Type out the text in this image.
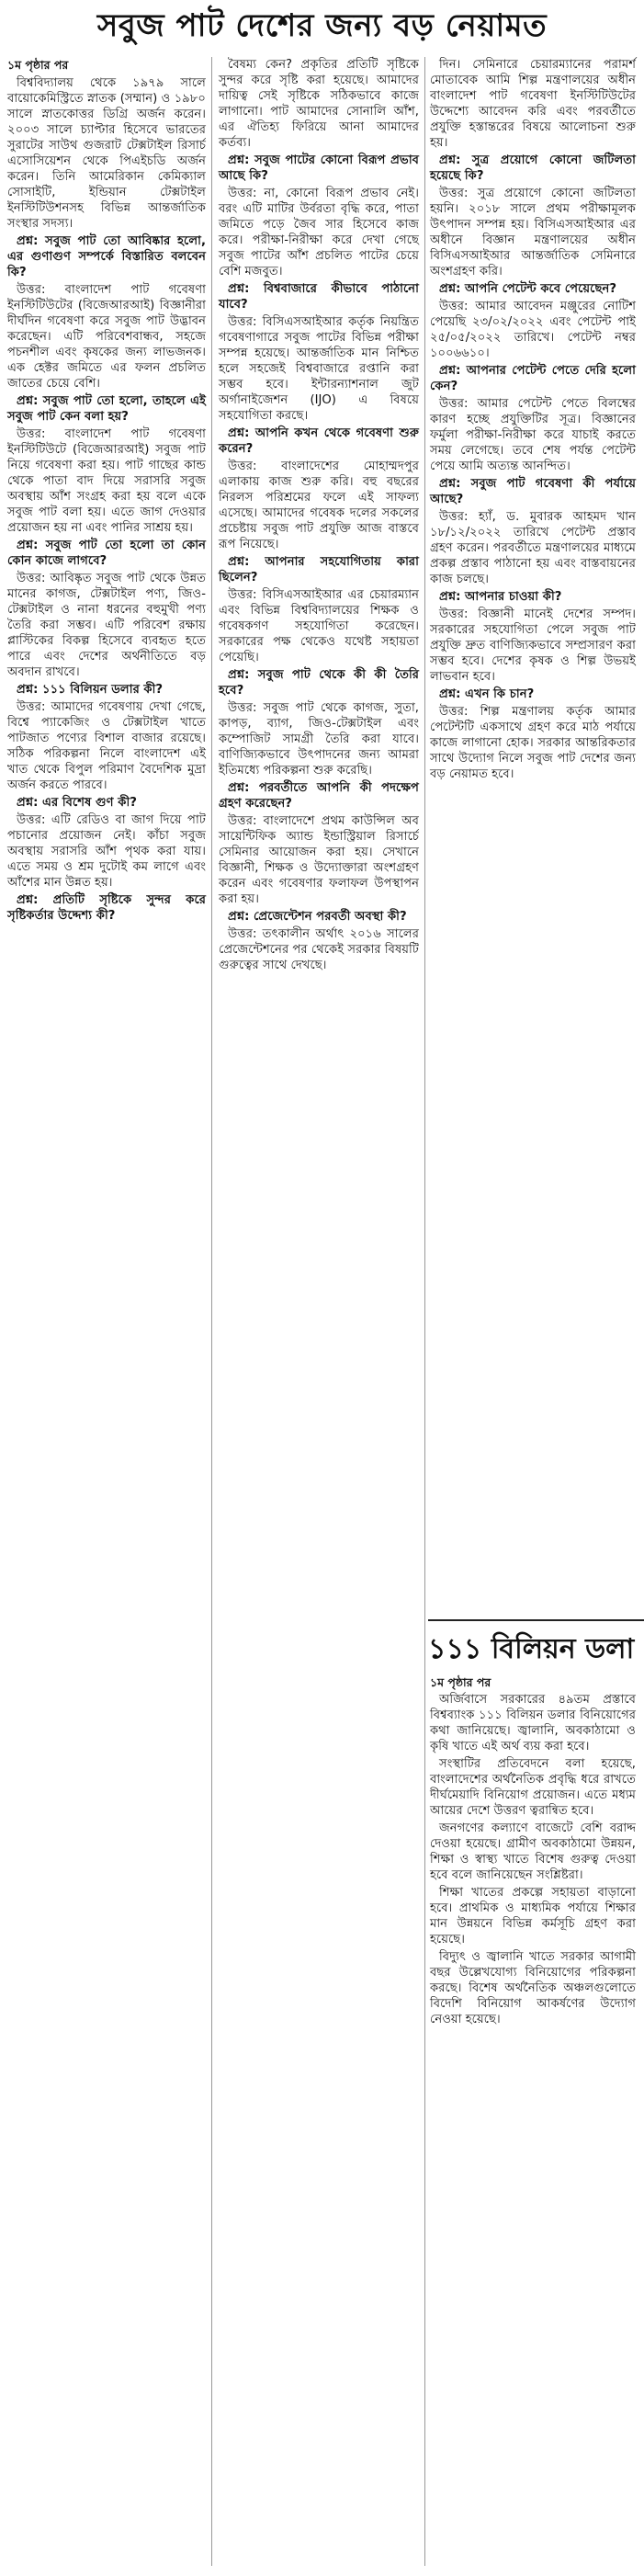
সবুজ পাট দেশের জন্য বড় নেয়ামত

১ম পৃষ্ঠার পর

বিশ্ববিদ্যালয় থেকে ১৯৭৯ সালে বায়োকেমিস্ট্রিতে স্নাতক (সম্মান) ও ১৯৮০ সালে স্নাতকোত্তর ডিগ্রি অর্জন করেন। ২০০৩ সালে চ্যাপ্টার হিসেবে ভারতের সুরাটের সাউথ গুজরাট টেক্সটাইল রিসার্চ এসোসিয়েশন থেকে পিএইচডি অর্জন করেন। তিনি আমেরিকান কেমিক্যাল সোসাইটি, ইন্ডিয়ান টেক্সটাইল ইনস্টিটিউশনসহ বিভিন্ন আন্তর্জাতিক সংস্থার সদস্য।

প্রশ্ন: সবুজ পাট তো আবিষ্কার হলো, এর গুণাগুণ সম্পর্কে বিস্তারিত বলবেন কি?

উত্তর: বাংলাদেশ পাট গবেষণা ইনস্টিটিউটের (বিজেআরআই) বিজ্ঞানীরা দীর্ঘদিন গবেষণা করে সবুজ পাট উদ্ভাবন করেছেন। এটি পরিবেশবান্ধব, সহজে পচনশীল এবং কৃষকের জন্য লাভজনক। এক হেক্টর জমিতে এর ফলন প্রচলিত জাতের চেয়ে বেশি।

প্রশ্ন: সবুজ পাট তো হলো, তাহলে এই সবুজ পাট কেন বলা হয়?

উত্তর: বাংলাদেশ পাট গবেষণা ইনস্টিটিউটে (বিজেআরআই) সবুজ পাট নিয়ে গবেষণা করা হয়। পাট গাছের কান্ড থেকে পাতা বাদ দিয়ে সরাসরি সবুজ অবস্থায় আঁশ সংগ্রহ করা হয় বলে একে সবুজ পাট বলা হয়। এতে জাগ দেওয়ার প্রয়োজন হয় না এবং পানির সাশ্রয় হয়।

প্রশ্ন: সবুজ পাট তো হলো তা কোন কোন কাজে লাগবে?

উত্তর: আবিষ্কৃত সবুজ পাট থেকে উন্নত মানের কাগজ, টেক্সটাইল পণ্য, জিও-টেক্সটাইল ও নানা ধরনের বহুমুখী পণ্য তৈরি করা সম্ভব। এটি পরিবেশ রক্ষায় প্লাস্টিকের বিকল্প হিসেবে ব্যবহৃত হতে পারে এবং দেশের অর্থনীতিতে বড় অবদান রাখবে।

প্রশ্ন: ১১১ বিলিয়ন ডলার কী?

উত্তর: আমাদের গবেষণায় দেখা গেছে, বিশ্বে প্যাকেজিং ও টেক্সটাইল খাতে পাটজাত পণ্যের বিশাল বাজার রয়েছে। সঠিক পরিকল্পনা নিলে বাংলাদেশ এই খাত থেকে বিপুল পরিমাণ বৈদেশিক মুদ্রা অর্জন করতে পারবে।

প্রশ্ন: এর বিশেষ গুণ কী?

উত্তর: এটি রেডিও বা জাগ দিয়ে পাট পচানোর প্রয়োজন নেই। কাঁচা সবুজ অবস্থায় সরাসরি আঁশ পৃথক করা যায়। এতে সময় ও শ্রম দুটোই কম লাগে এবং আঁশের মান উন্নত হয়।

প্রশ্ন: প্রতিটি সৃষ্টিকে সুন্দর করে সৃষ্টিকর্তার উদ্দেশ্য কী?

বৈষম্য কেন? প্রকৃতির প্রতিটি সৃষ্টিকে সুন্দর করে সৃষ্টি করা হয়েছে। আমাদের দায়িত্ব সেই সৃষ্টিকে সঠিকভাবে কাজে লাগানো। পাট আমাদের সোনালি আঁশ, এর ঐতিহ্য ফিরিয়ে আনা আমাদের কর্তব্য।

প্রশ্ন: সবুজ পাটের কোনো বিরূপ প্রভাব আছে কি?

উত্তর: না, কোনো বিরূপ প্রভাব নেই। বরং এটি মাটির উর্বরতা বৃদ্ধি করে, পাতা জমিতে পড়ে জৈব সার হিসেবে কাজ করে। পরীক্ষা-নিরীক্ষা করে দেখা গেছে সবুজ পাটের আঁশ প্রচলিত পাটের চেয়ে বেশি মজবুত।

প্রশ্ন: বিশ্ববাজারে কীভাবে পাঠানো যাবে?

উত্তর: বিসিএসআইআর কর্তৃক নিয়ন্ত্রিত গবেষণাগারে সবুজ পাটের বিভিন্ন পরীক্ষা সম্পন্ন হয়েছে। আন্তর্জাতিক মান নিশ্চিত হলে সহজেই বিশ্ববাজারে রপ্তানি করা সম্ভব হবে। ইন্টারন্যাশনাল জুট অর্গানাইজেশন (IJO) এ বিষয়ে সহযোগিতা করছে।

প্রশ্ন: আপনি কখন থেকে গবেষণা শুরু করেন?

উত্তর: বাংলাদেশের মোহাম্মদপুর এলাকায় কাজ শুরু করি। বহু বছরের নিরলস পরিশ্রমের ফলে এই সাফল্য এসেছে। আমাদের গবেষক দলের সকলের প্রচেষ্টায় সবুজ পাট প্রযুক্তি আজ বাস্তবে রূপ নিয়েছে।

প্রশ্ন: আপনার সহযোগিতায় কারা ছিলেন?

উত্তর: বিসিএসআইআর এর চেয়ারম্যান এবং বিভিন্ন বিশ্ববিদ্যালয়ের শিক্ষক ও গবেষকগণ সহযোগিতা করেছেন। সরকারের পক্ষ থেকেও যথেষ্ট সহায়তা পেয়েছি।

প্রশ্ন: সবুজ পাট থেকে কী কী তৈরি হবে?

উত্তর: সবুজ পাট থেকে কাগজ, সুতা, কাপড়, ব্যাগ, জিও-টেক্সটাইল এবং কম্পোজিট সামগ্রী তৈরি করা যাবে। বাণিজ্যিকভাবে উৎপাদনের জন্য আমরা ইতিমধ্যে পরিকল্পনা শুরু করেছি।

প্রশ্ন: পরবর্তীতে আপনি কী পদক্ষেপ গ্রহণ করেছেন?

উত্তর: বাংলাদেশে প্রথম কাউন্সিল অব সায়েন্টিফিক অ্যান্ড ইন্ডাস্ট্রিয়াল রিসার্চে সেমিনার আয়োজন করা হয়। সেখানে বিজ্ঞানী, শিক্ষক ও উদ্যোক্তারা অংশগ্রহণ করেন এবং গবেষণার ফলাফল উপস্থাপন করা হয়।

প্রশ্ন: প্রেজেন্টেশন পরবর্তী অবস্থা কী?

উত্তর: তৎকালীন অর্থাৎ ২০১৬ সালের প্রেজেন্টেশনের পর থেকেই সরকার বিষয়টি গুরুত্বের সাথে দেখছে।

দিন। সেমিনারে চেয়ারম্যানের পরামর্শ মোতাবেক আমি শিল্প মন্ত্রণালয়ের অধীন বাংলাদেশ পাট গবেষণা ইনস্টিটিউটের উদ্দেশ্যে আবেদন করি এবং পরবর্তীতে প্রযুক্তি হস্তান্তরের বিষয়ে আলোচনা শুরু হয়।

প্রশ্ন: সুত্র প্রয়োগে কোনো জটিলতা হয়েছে কি?

উত্তর: সুত্র প্রয়োগে কোনো জটিলতা হয়নি। ২০১৮ সালে প্রথম পরীক্ষামূলক উৎপাদন সম্পন্ন হয়। বিসিএসআইআর এর অধীনে বিজ্ঞান মন্ত্রণালয়ের অধীন বিসিএসআইআর আন্তর্জাতিক সেমিনারে অংশগ্রহণ করি।

প্রশ্ন: আপনি পেটেন্ট কবে পেয়েছেন?

উত্তর: আমার আবেদন মঞ্জুরের নোটিশ পেয়েছি ২৩/০২/২০২২ এবং পেটেন্ট পাই ২৫/০৫/২০২২ তারিখে। পেটেন্ট নম্বর ১০০৬৬১০।

প্রশ্ন: আপনার পেটেন্ট পেতে দেরি হলো কেন?

উত্তর: আমার পেটেন্ট পেতে বিলম্বের কারণ হচ্ছে প্রযুক্তিটির সূত্র। বিজ্ঞানের ফর্মুলা পরীক্ষা-নিরীক্ষা করে যাচাই করতে সময় লেগেছে। তবে শেষ পর্যন্ত পেটেন্ট পেয়ে আমি অত্যন্ত আনন্দিত।

প্রশ্ন: সবুজ পাট গবেষণা কী পর্যায়ে আছে?

উত্তর: হ্যাঁ, ড. মুবারক আহমদ খান ১৮/১২/২০২২ তারিখে পেটেন্ট প্রস্তাব গ্রহণ করেন। পরবর্তীতে মন্ত্রণালয়ের মাধ্যমে প্রকল্প প্রস্তাব পাঠানো হয় এবং বাস্তবায়নের কাজ চলছে।

প্রশ্ন: আপনার চাওয়া কী?

উত্তর: বিজ্ঞানী মানেই দেশের সম্পদ। সরকারের সহযোগিতা পেলে সবুজ পাট প্রযুক্তি দ্রুত বাণিজ্যিকভাবে সম্প্রসারণ করা সম্ভব হবে। দেশের কৃষক ও শিল্প উভয়ই লাভবান হবে।

প্রশ্ন: এখন কি চান?

উত্তর: শিল্প মন্ত্রণালয় কর্তৃক আমার পেটেন্টটি একসাথে গ্রহণ করে মাঠ পর্যায়ে কাজে লাগানো হোক। সরকার আন্তরিকতার সাথে উদ্যোগ নিলে সবুজ পাট দেশের জন্য বড় নেয়ামত হবে।

১১১ বিলিয়ন ডলা

১ম পৃষ্ঠার পর

অর্জিবাসে সরকারের ৪৯তম প্রস্তাবে বিশ্বব্যাংক ১১১ বিলিয়ন ডলার বিনিয়োগের কথা জানিয়েছে। জ্বালানি, অবকাঠামো ও কৃষি খাতে এই অর্থ ব্যয় করা হবে।

সংস্থাটির প্রতিবেদনে বলা হয়েছে, বাংলাদেশের অর্থনৈতিক প্রবৃদ্ধি ধরে রাখতে দীর্ঘমেয়াদি বিনিয়োগ প্রয়োজন। এতে মধ্যম আয়ের দেশে উত্তরণ ত্বরান্বিত হবে।

জনগণের কল্যাণে বাজেটে বেশি বরাদ্দ দেওয়া হয়েছে। গ্রামীণ অবকাঠামো উন্নয়ন, শিক্ষা ও স্বাস্থ্য খাতে বিশেষ গুরুত্ব দেওয়া হবে বলে জানিয়েছেন সংশ্লিষ্টরা।

শিক্ষা খাতের প্রকল্পে সহায়তা বাড়ানো হবে। প্রাথমিক ও মাধ্যমিক পর্যায়ে শিক্ষার মান উন্নয়নে বিভিন্ন কর্মসূচি গ্রহণ করা হয়েছে।

বিদ্যুৎ ও জ্বালানি খাতে সরকার আগামী বছর উল্লেখযোগ্য বিনিয়োগের পরিকল্পনা করছে। বিশেষ অর্থনৈতিক অঞ্চলগুলোতে বিদেশি বিনিয়োগ আকর্ষণের উদ্যোগ নেওয়া হয়েছে।
